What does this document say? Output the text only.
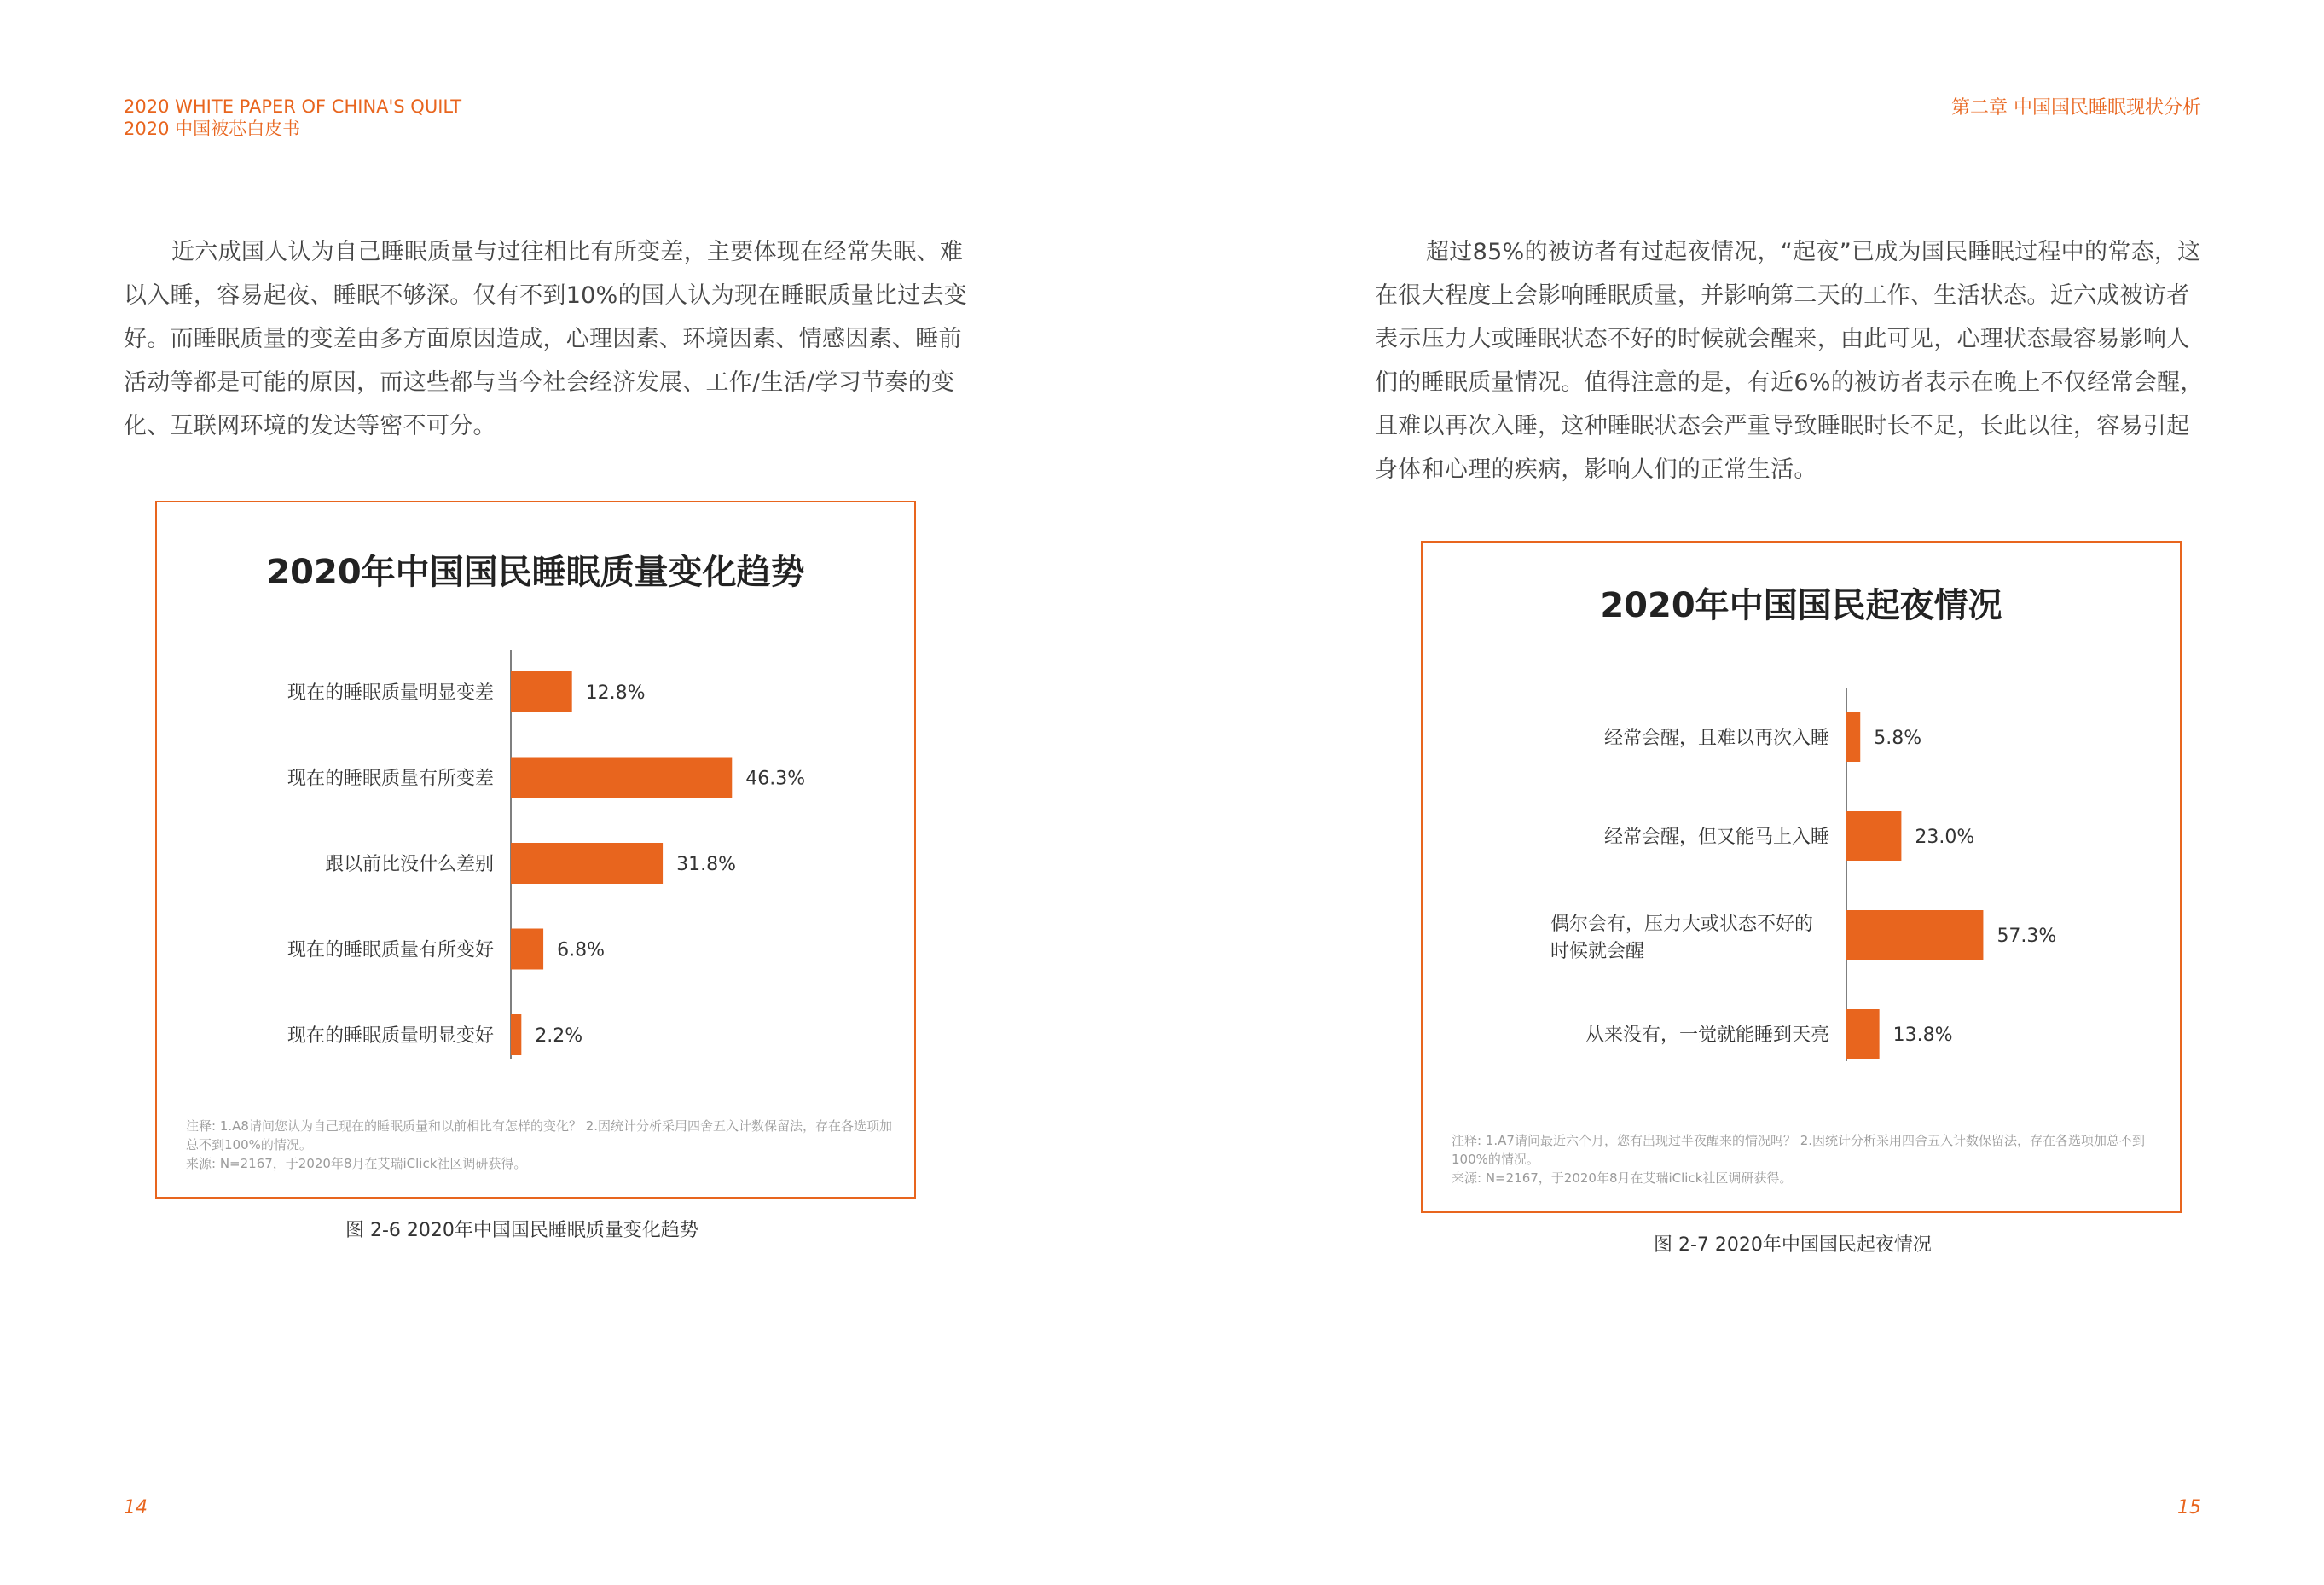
2020 WHITE PAPER OF CHINA'S QUILT
2020 中国被芯白皮书

近六成国人认为自己睡眠质量与过往相比有所变差，主要体现在经常失眠、难以入睡，容易起夜、睡眠不够深。仅有不到10%的国人认为现在睡眠质量比过去变好。而睡眠质量的变差由多方面原因造成，心理因素、环境因素、情感因素、睡前活动等都是可能的原因，而这些都与当今社会经济发展、工作/生活/学习节奏的变化、互联网环境的发达等密不可分。

2020年中国国民睡眠质量变化趋势
12.8%
现在的睡眠质量明显变差
46.3%
现在的睡眠质量有所变差
31.8%
跟以前比没什么差别
6.8%
现在的睡眠质量有所变好
2.2%
现在的睡眠质量明显变好

注释: 1.A8请问您认为自己现在的睡眠质量和以前相比有怎样的变化？ 2.因统计分析采用四舍五入计数保留法，存在各选项加总不到100%的情况。

来源: N=2167，于2020年8月在艾瑞iClick社区调研获得。

图 2-6 2020年中国国民睡眠质量变化趋势
14
第二章 中国国民睡眠现状分析

超过85%的被访者有过起夜情况，“起夜”已成为国民睡眠过程中的常态，这在很大程度上会影响睡眠质量，并影响第二天的工作、生活状态。近六成被访者表示压力大或睡眠状态不好的时候就会醒来，由此可见，心理状态最容易影响人们的睡眠质量情况。值得注意的是，有近6%的被访者表示在晚上不仅经常会醒，且难以再次入睡，这种睡眠状态会严重导致睡眠时长不足，长此以往，容易引起身体和心理的疾病，影响人们的正常生活。

2020年中国国民起夜情况
5.8%
经常会醒，且难以再次入睡
23.0%
经常会醒，但又能马上入睡
57.3%
偶尔会有，压力大或状态不好的
时候就会醒
13.8%
从来没有，一觉就能睡到天亮

注释: 1.A7请问最近六个月，您有出现过半夜醒来的情况吗？ 2.因统计分析采用四舍五入计数保留法，存在各选项加总不到100%的情况。

来源: N=2167，于2020年8月在艾瑞iClick社区调研获得。

图 2-7 2020年中国国民起夜情况
15
